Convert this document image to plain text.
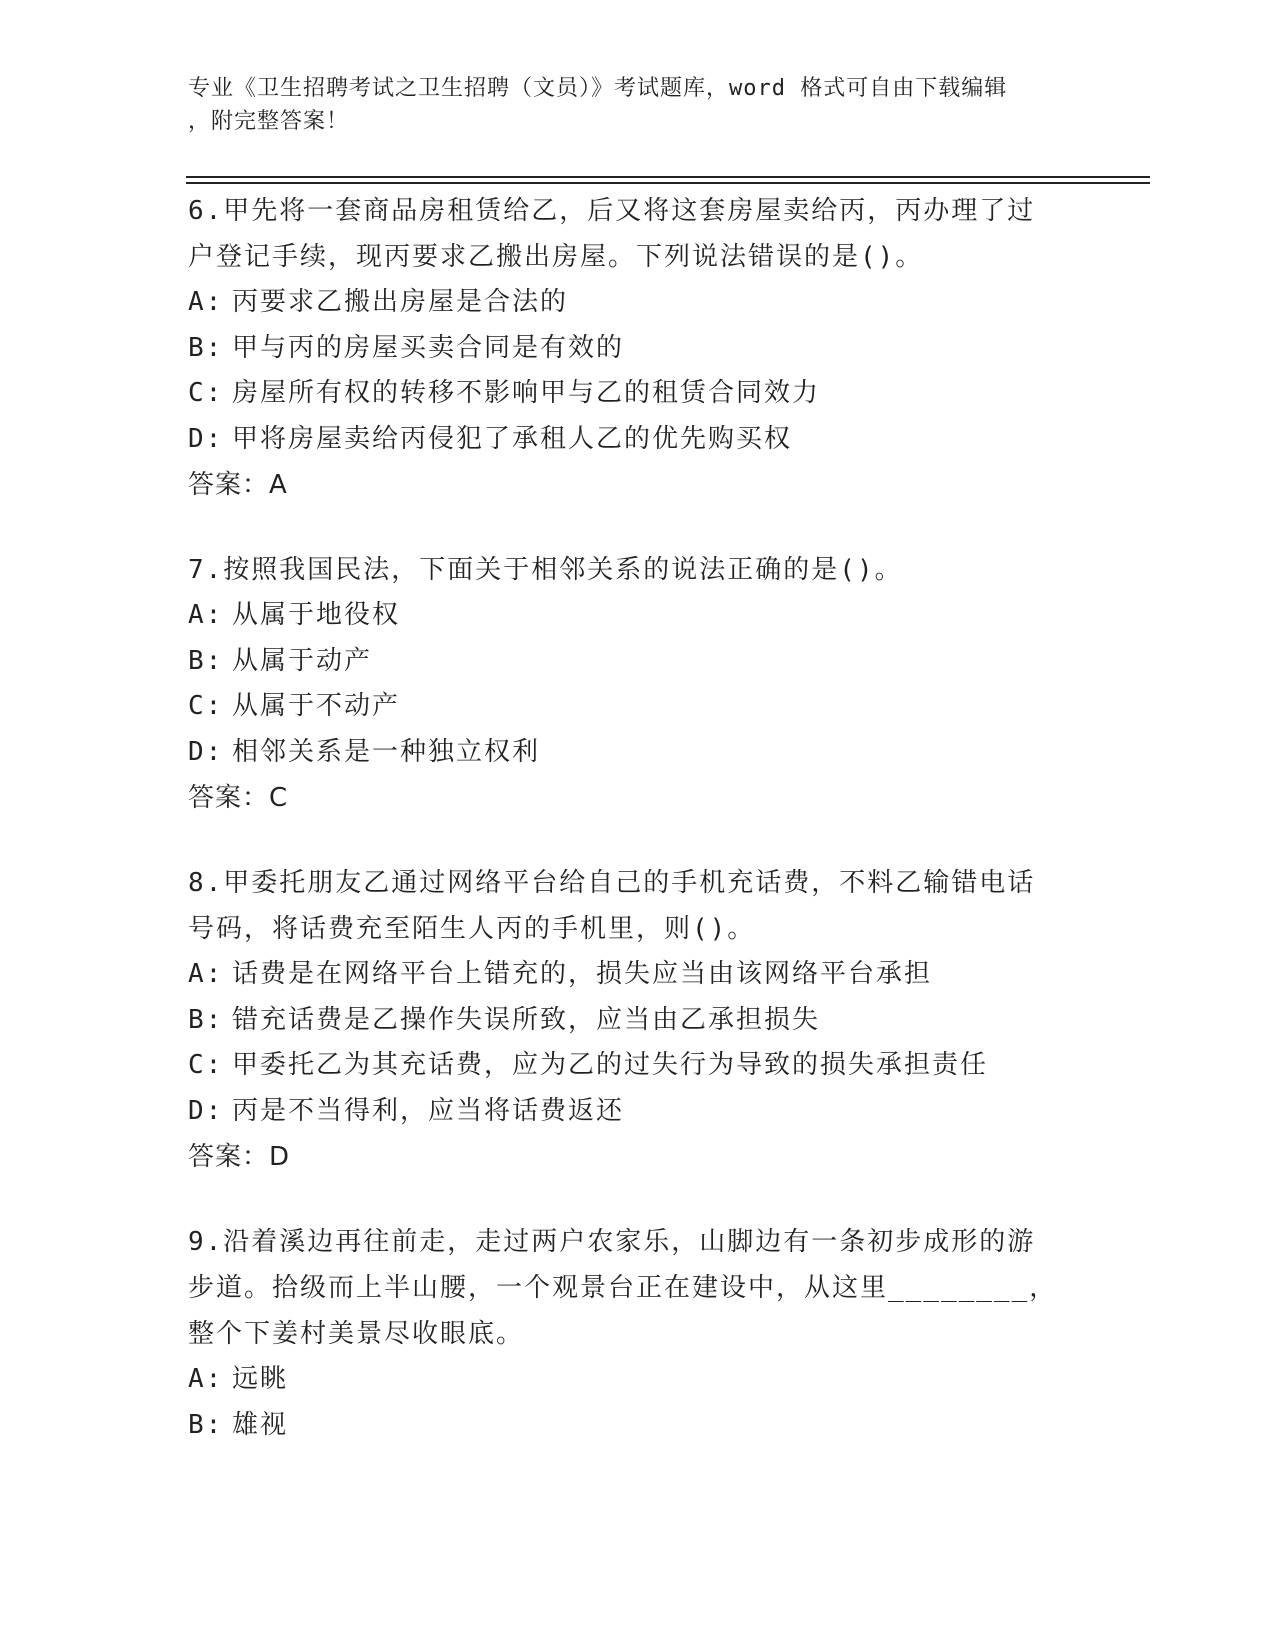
专业《卫生招聘考试之卫生招聘（文员）》考试题库，word 格式可自由下载编辑
，附完整答案！
6.甲先将一套商品房租赁给乙，后又将这套房屋卖给丙，丙办理了过
户登记手续，现丙要求乙搬出房屋。下列说法错误的是()。
A: 丙要求乙搬出房屋是合法的
B: 甲与丙的房屋买卖合同是有效的
C: 房屋所有权的转移不影响甲与乙的租赁合同效力
D: 甲将房屋卖给丙侵犯了承租人乙的优先购买权
答案：A
7.按照我国民法，下面关于相邻关系的说法正确的是()。
A: 从属于地役权
B: 从属于动产
C: 从属于不动产
D: 相邻关系是一种独立权利
答案：C
8.甲委托朋友乙通过网络平台给自己的手机充话费，不料乙输错电话
号码，将话费充至陌生人丙的手机里，则()。
A: 话费是在网络平台上错充的，损失应当由该网络平台承担
B: 错充话费是乙操作失误所致，应当由乙承担损失
C: 甲委托乙为其充话费，应为乙的过失行为导致的损失承担责任
D: 丙是不当得利，应当将话费返还
答案：D
9.沿着溪边再往前走，走过两户农家乐，山脚边有一条初步成形的游
步道。拾级而上半山腰，一个观景台正在建设中，从这里________，
整个下姜村美景尽收眼底。
A: 远眺
B: 雄视
